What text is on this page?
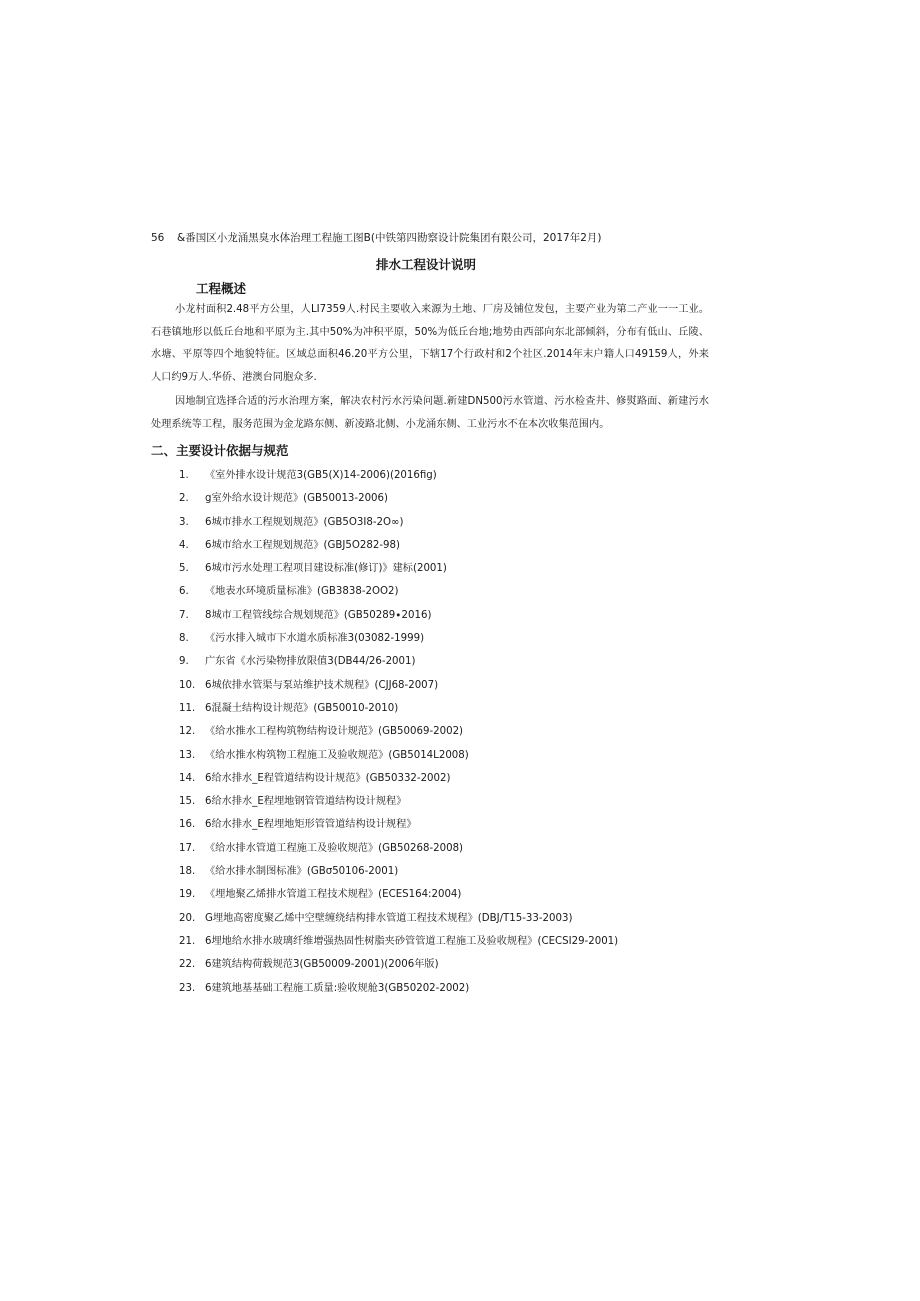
56 &番国区小龙涌黑臭水体治理工程施工图B(中铁第四勘察设计院集团有限公司，2017年2月)
排水工程设计说明
工程概述
小龙村面积2.48平方公里，人LI7359人.村民主要收入来源为土地、厂房及铺位发包，主要产业为第二产业一一工业。石巷镇地形以低丘台地和平原为主.其中50%为冲积平原，50%为低丘台地;地势由西部向东北部倾斜，分布有低山、丘陵、水塘、平原等四个地貌特征。区域总面积46.20平方公里，下辖17个行政村和2个社区.2014年末户籍人口49159人，外来人口约9万人.华侨、港澳台同胞众多.
因地制宜选择合适的污水治理方案，解决农村污水污染问题.新建DN500污水管道、污水检查井、修熨路面、新建污水处理系统等工程，服务范围为金龙路东侧、新凌路北侧、小龙涌东侧、工业污水不在本次收集范围内。
二、主要设计依据与规范
1. 《室外排水设计规范3(GB5(X)14-2006)(2016fig)
2. g室外给水设计规范》(GB50013-2006)
3. 6城市排水工程规划规范》(GB5O3I8-2O∞)
4. 6城市给水工程规划规范》(GBJ5O282-98)
5. 6城市污水处理工程项目建设标准(修订)》建标(2001)
6. 《地表水环境质量标准》(GB3838-2OO2)
7. 8城市工程管线综合规划规范》(GB50289∙2016)
8. 《污水排入城市下水道水质标准3(03082-1999)
9. 广东省《水污染物排放限值3(DB44/26-2001)
10. 6城依排水管渠与泵站维护技术规程》(CJJ68-2007)
11. 6混凝土结构设计规范》(GB50010-2010)
12. 《给水推水工程构筑物结构设计规范》(GB50069-2002)
13. 《给水推水构筑物工程施工及验收规范》(GB5014L2008)
14. 6给水排水_E程管道结构设计规范》(GB50332-2002)
15. 6给水排水_E程埋地钢管管道结构设计规程》
16. 6给水排水_E程埋地矩形管管道结构设计规程》
17. 《给水排水管道工程施工及验收规范》(GB50268-2008)
18. 《给水排水制图标准》(GBσ50106-2001)
19. 《埋地聚乙烯排水管道工程技术规程》(ECES164:2004)
20. G埋地高密度聚乙烯中空壁缠绕结构排水管道工程技术规程》(DBJ∕T15-33-2003)
21. 6埋地给水排水玻璃纤维增强热固性树脂夹砂管管道工程施工及验收规程》(CECSI29-2001)
22. 6建筑结构荷载规范3(GB50009-2001)(2006年版)
23. 6建筑地基基础工程施工质量:验收规舱3(GB50202-2002)
